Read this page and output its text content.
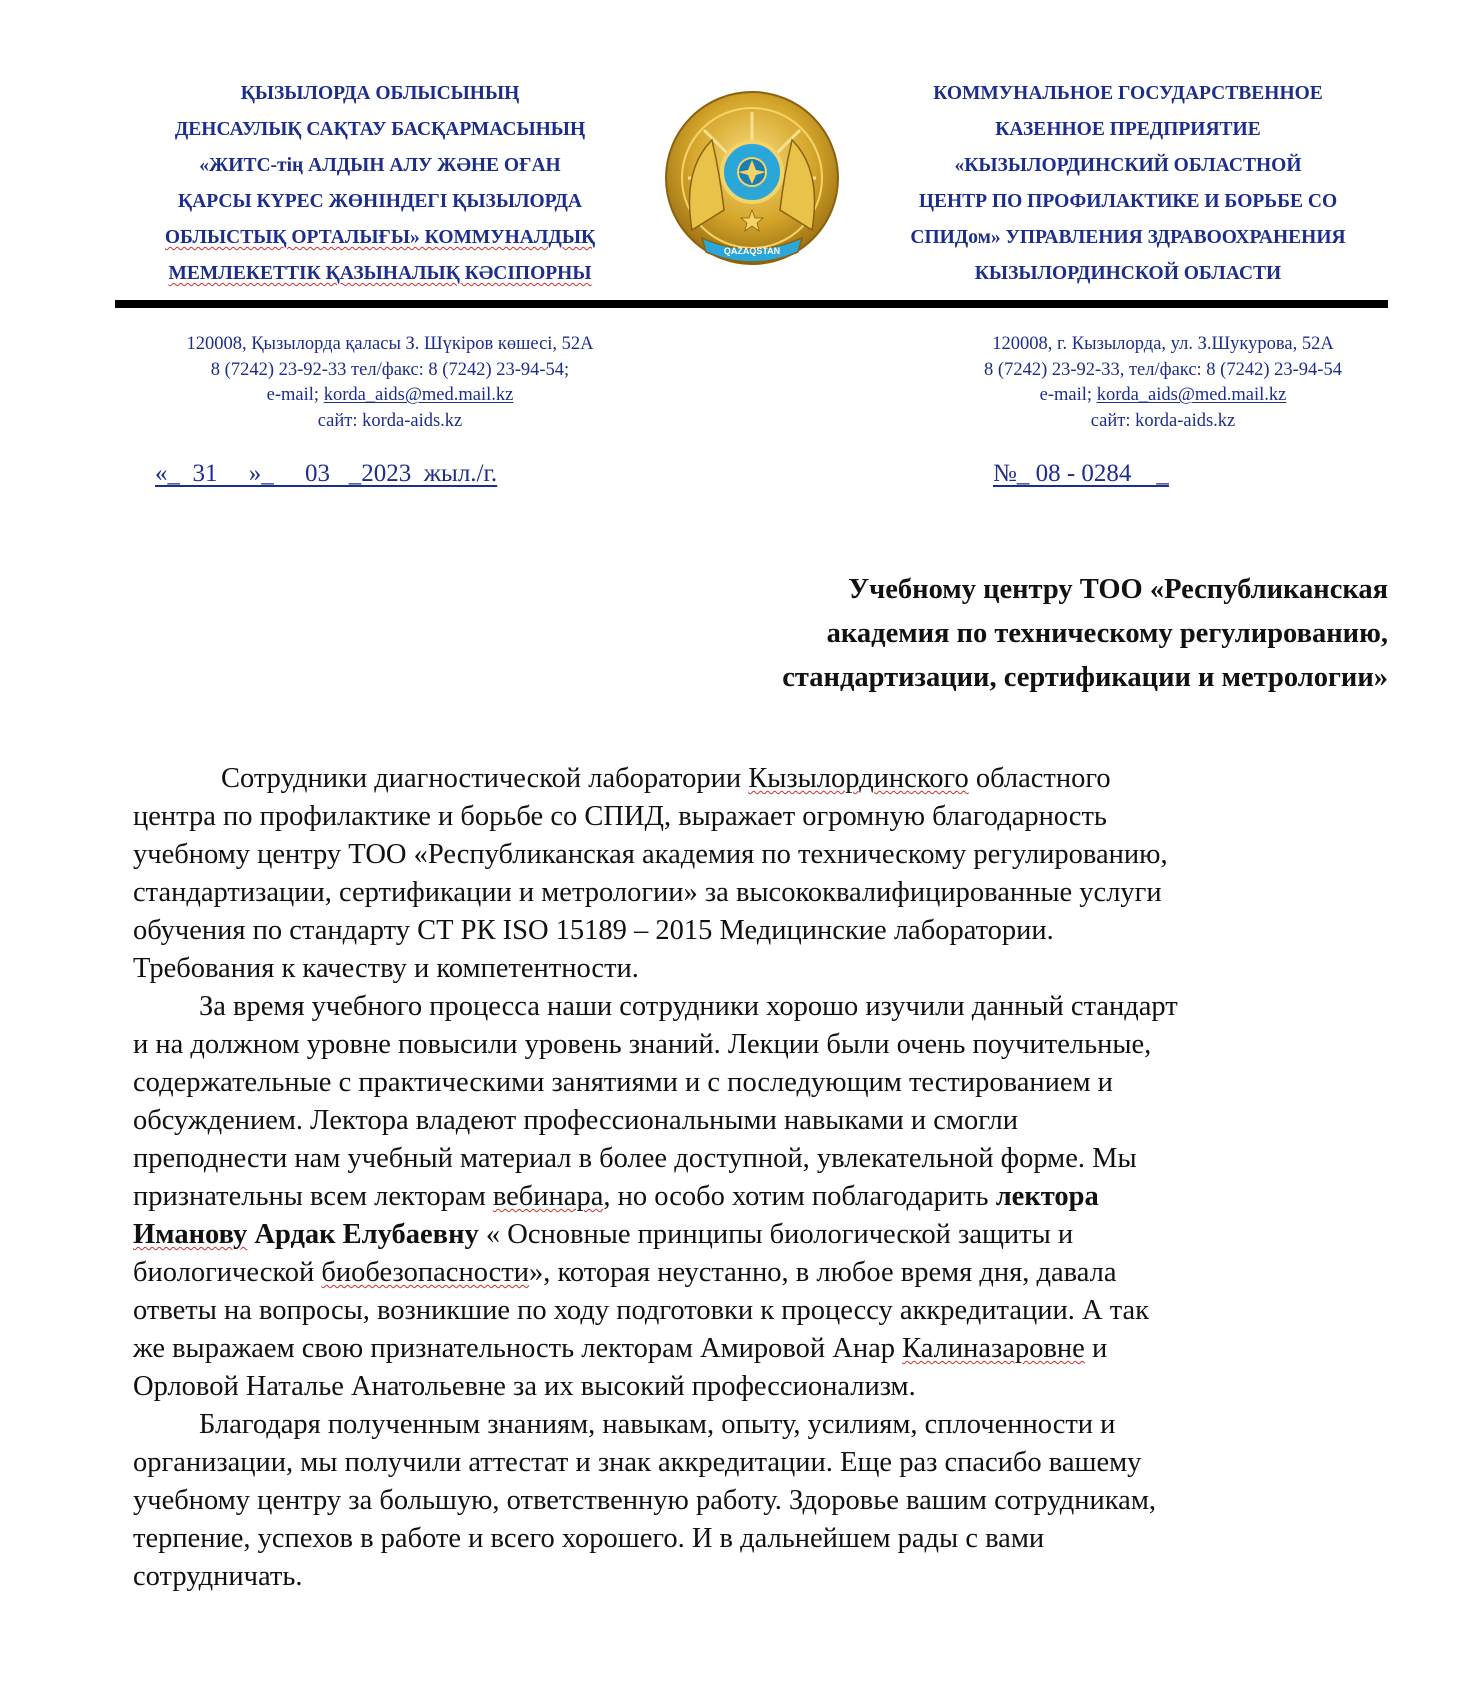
ҚЫЗЫЛОРДА ОБЛЫСЫНЫҢ
ДЕНСАУЛЫҚ САҚТАУ БАСҚАРМАСЫНЫҢ
«ЖИТС-тің АЛДЫН АЛУ ЖӘНЕ ОҒАН
ҚАРСЫ КҮРЕС ЖӨНІНДЕГІ ҚЫЗЫЛОРДА
ОБЛЫСТЫҚ ОРТАЛЫҒЫ» КОММУНАЛДЫҚ
МЕМЛЕКЕТТІК ҚАЗЫНАЛЫҚ КӘСІПОРНЫ
QAZAQSTAN
КОММУНАЛЬНОЕ ГОСУДАРСТВЕННОЕ
КАЗЕННОЕ ПРЕДПРИЯТИЕ
«КЫЗЫЛОРДИНСКИЙ ОБЛАСТНОЙ
ЦЕНТР ПО ПРОФИЛАКТИКЕ И БОРЬБЕ СО
СПИДом» УПРАВЛЕНИЯ ЗДРАВООХРАНЕНИЯ
КЫЗЫЛОРДИНСКОЙ ОБЛАСТИ
120008, Қызылорда қаласы З. Шүкіров көшесі, 52А
8 (7242) 23-92-33 тел/факс: 8 (7242) 23-94-54;
e-mail; korda_aids@med.mail.kz
сайт: korda-aids.kz
120008, г. Кызылорда, ул. З.Шукурова, 52А
8 (7242) 23-92-33, тел/факс: 8 (7242) 23-94-54
e-mail; korda_aids@med.mail.kz
сайт: korda-aids.kz
«_  31     »_     03   _2023  жыл./г.	№_ 08 - 0284    _
Учебному центру ТОО «Республиканская
академия по техническому регулированию,
стандартизации, сертификации и метрологии»
Сотрудники диагностической лаборатории Кызылординского областного
центра по профилактике и борьбе со СПИД, выражает огромную благодарность
учебному центру ТОО «Республиканская академия по техническому регулированию,
стандартизации, сертификации и метрологии» за высококвалифицированные услуги
обучения по стандарту СТ РК ISO 15189 – 2015 Медицинские лаборатории.
Требования к качеству и компетентности.
За время учебного процесса наши сотрудники хорошо изучили данный стандарт
и на должном уровне повысили уровень знаний. Лекции были очень поучительные,
содержательные с практическими занятиями и с последующим тестированием и
обсуждением. Лектора владеют профессиональными навыками и смогли
преподнести нам учебный материал в более доступной, увлекательной форме. Мы
признательны всем лекторам вебинара, но особо хотим поблагодарить лектора
Иманову Ардак Елубаевну « Основные принципы биологической защиты и
биологической биобезопасности», которая неустанно, в любое время дня, давала
ответы на вопросы, возникшие по ходу подготовки к процессу аккредитации. А так
же выражаем свою признательность лекторам Амировой Анар Калиназаровне и
Орловой Наталье Анатольевне за их высокий профессионализм.
Благодаря полученным знаниям, навыкам, опыту, усилиям, сплоченности и
организации, мы получили аттестат и знак аккредитации. Еще раз спасибо вашему
учебному центру за большую, ответственную работу. Здоровье вашим сотрудникам,
терпение, успехов в работе и всего хорошего. И в дальнейшем рады с вами
сотрудничать.
